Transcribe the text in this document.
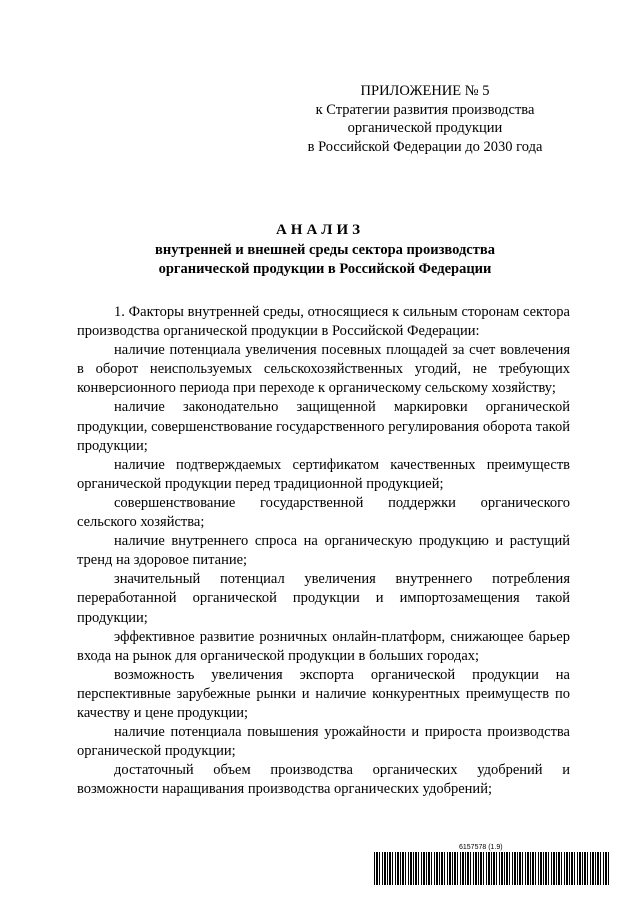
ПРИЛОЖЕНИЕ № 5
к Стратегии развития производства
органической продукции
в Российской Федерации до 2030 года
АНАЛИЗ
внутренней и внешней среды сектора производства
органической продукции в Российской Федерации

1. Факторы внутренней среды, относящиеся к сильным сторонам сектора производства органической продукции в Российской Федерации:

наличие потенциала увеличения посевных площадей за счет вовлечения в оборот неиспользуемых сельскохозяйственных угодий, не требующих конверсионного периода при переходе к органическому сельскому хозяйству;

наличие законодательно защищенной маркировки органической продукции, совершенствование государственного регулирования оборота такой продукции;

наличие подтверждаемых сертификатом качественных преимуществ органической продукции перед традиционной продукцией;

совершенствование государственной поддержки органического сельского хозяйства;

наличие внутреннего спроса на органическую продукцию и растущий тренд на здоровое питание;

значительный потенциал увеличения внутреннего потребления переработанной органической продукции и импортозамещения такой продукции;

эффективное развитие розничных онлайн-платформ, снижающее барьер входа на рынок для органической продукции в больших городах;

возможность увеличения экспорта органической продукции на перспективные зарубежные рынки и наличие конкурентных преимуществ по качеству и цене продукции;

наличие потенциала повышения урожайности и прироста производства органической продукции;

достаточный объем производства органических удобрений и возможности наращивания производства органических удобрений;

6157578 (1.9)
